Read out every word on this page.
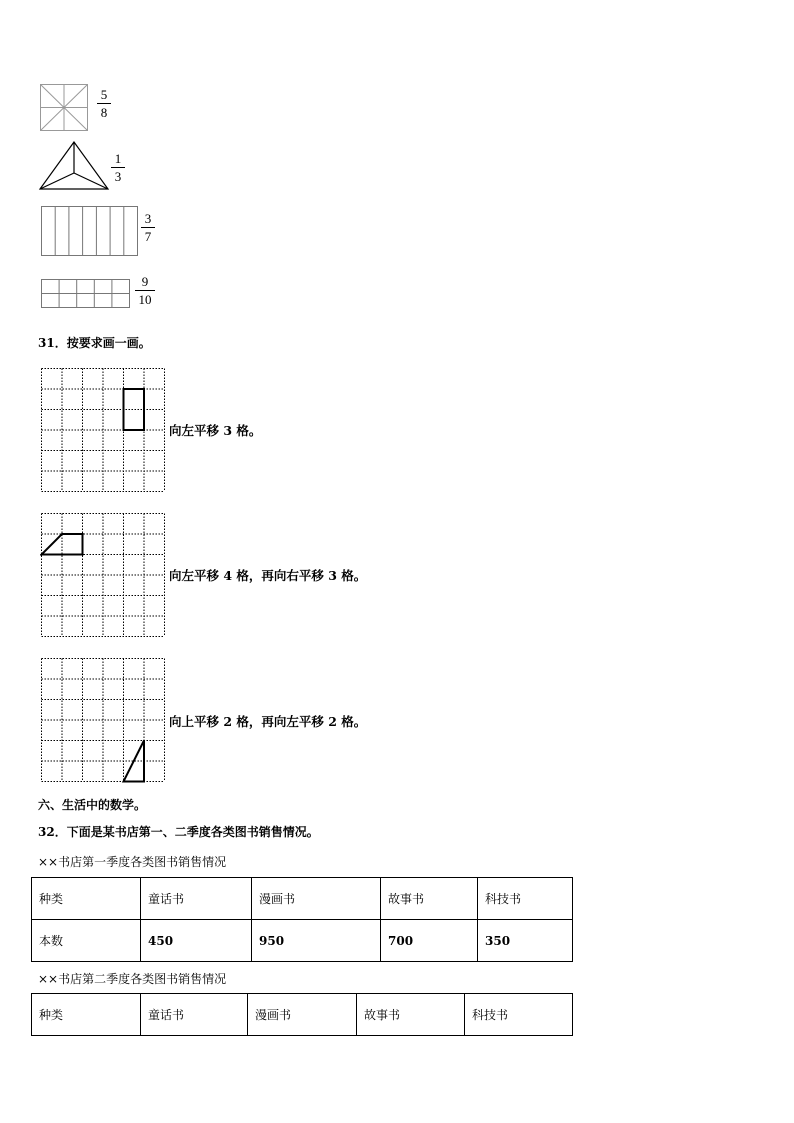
5
8
1
3
3
7
9
10
31．按要求画一画。
向左平移 3 格。
向左平移 4 格，再向右平移 3 格。
向上平移 2 格，再向左平移 2 格。
六、生活中的数学。
32．下面是某书店第一、二季度各类图书销售情况。
××书店第一季度各类图书销售情况
种类	童话书	漫画书	故事书	科技书
本数	450	950	700	350
××书店第二季度各类图书销售情况
种类	童话书	漫画书	故事书	科技书
